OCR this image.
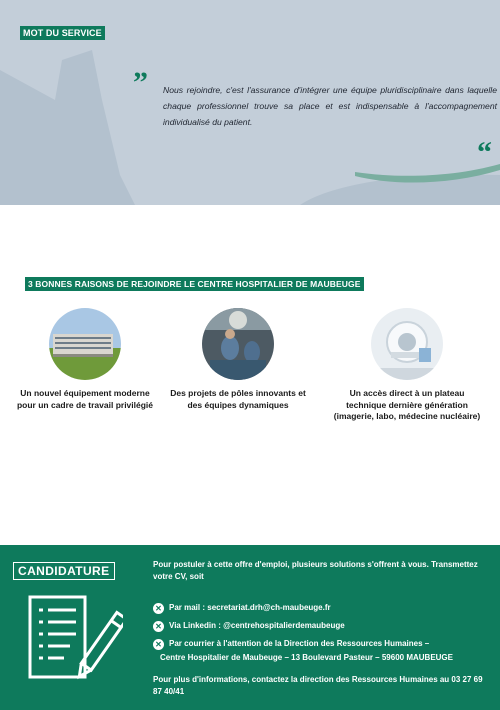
MOT DU SERVICE
” Nous rejoindre, c'est l'assurance d'intégrer une équipe pluridisciplinaire dans laquelle chaque professionnel trouve sa place et est indispensable à l'accompagnement individualisé du patient.

“
3 BONNES RAISONS DE REJOINDRE LE CENTRE HOSPITALIER DE MAUBEUGE

Un nouvel équipement moderne pour un cadre de travail privilégié

Des projets de pôles innovants et des équipes dynamiques

Un accès direct à un plateau technique dernière génération (imagerie, labo, médecine nucléaire)

CANDIDATURE	Pour postuler à cette offre d'emploi, plusieurs solutions s'offrent à vous. Transmettez votre CV, soit

✕ Par mail : secretariat.drh@ch-maubeuge.fr
✕ Via Linkedin : @centrehospitalierdemaubeuge
✕ Par courrier à l'attention de la Direction des Ressources Humaines –
Centre Hospitalier de Maubeuge – 13 Boulevard Pasteur – 59600 MAUBEUGE

Pour plus d'informations, contactez la direction des Ressources Humaines au 03 27 69 87 40/41
